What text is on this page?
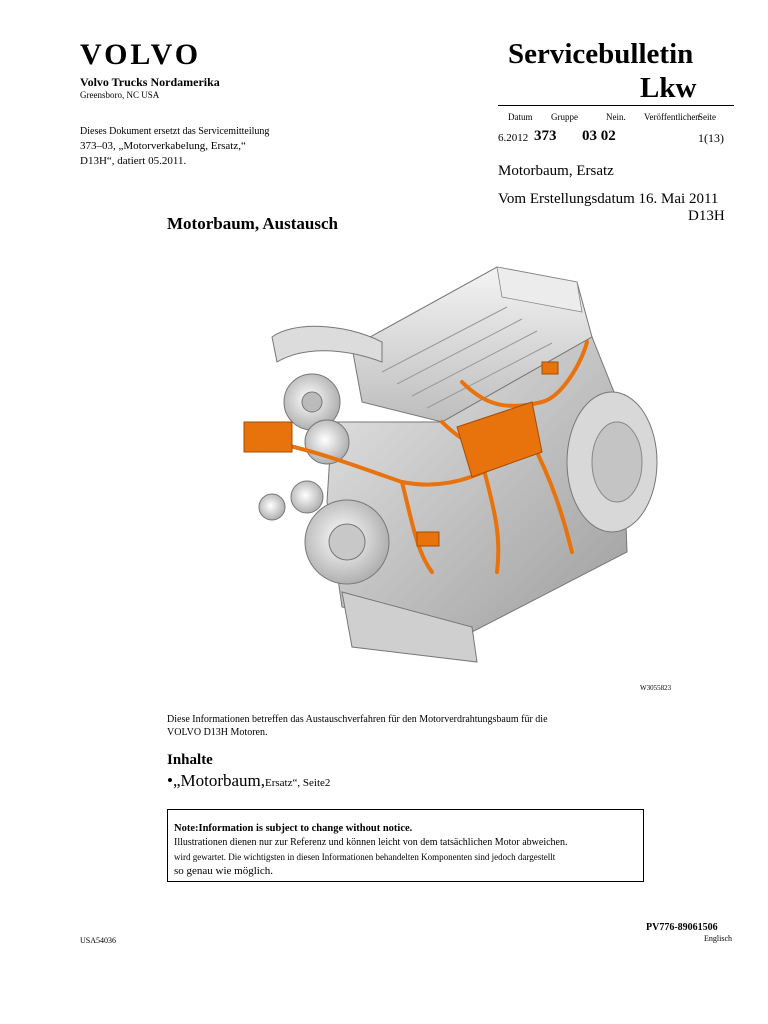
VOLVO
Volvo Trucks Nordamerika
Greensboro, NC USA
Servicebulletin
Lkw
Datum Gruppe	Nein. Veröffentlichen
Seite
6.2012 373 03 02	1(13)
Dieses Dokument ersetzt das Servicemitteilung
373–03, „Motorverkabelung, Ersatz,“
D13H“, datiert 05.2011.
Motorbaum, Ersatz
Vom Erstellungsdatum 16. Mai 2011
D13H
Motorbaum, Austausch
W3055823
Diese Informationen betreffen das Austauschverfahren für den Motorverdrahtungsbaum für die
VOLVO D13H Motoren.
Inhalte
•„Motorbaum,Ersatz“, Seite2
Note:Information is subject to change without notice.
Illustrationen dienen nur zur Referenz und können leicht von dem tatsächlichen Motor abweichen.
wird gewartet. Die wichtigsten in diesen Informationen behandelten Komponenten sind jedoch dargestellt
so genau wie möglich.
PV776-89061506
Englisch
USA54036
